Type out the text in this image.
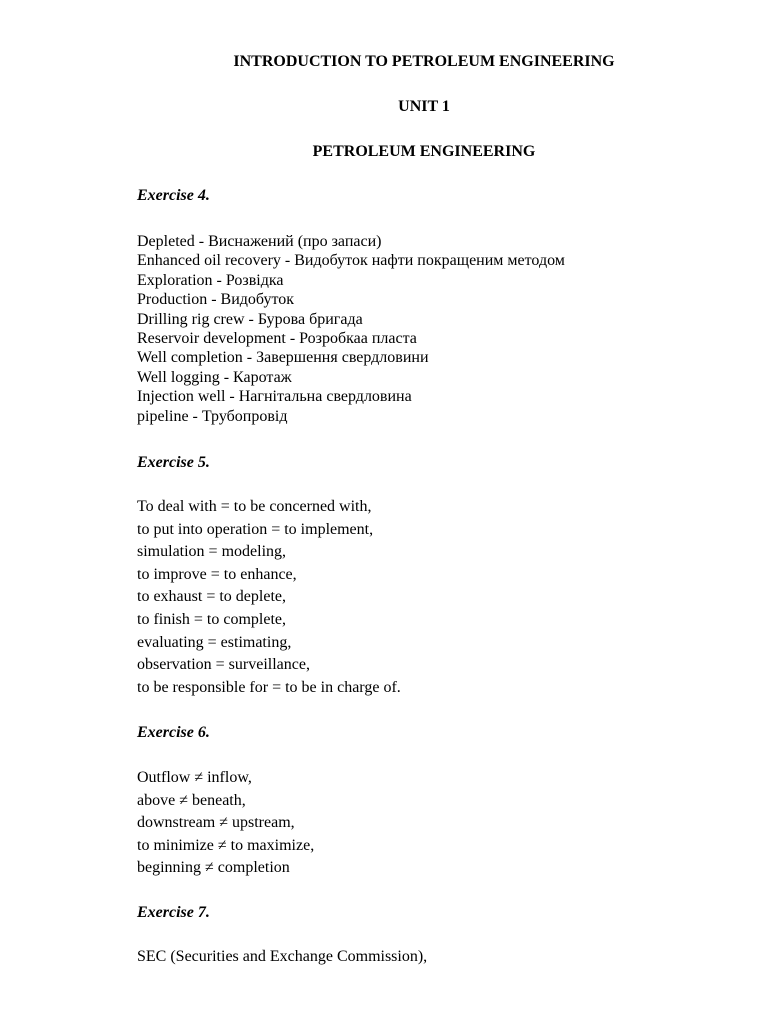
INTRODUCTION TO PETROLEUM ENGINEERING
UNIT 1
PETROLEUM ENGINEERING
Exercise 4.
Depleted - Виснажений (про запаси)
Enhanced oil recovery - Видобуток нафти покращеним методом
Exploration - Розвідка
Production - Видобуток
Drilling rig crew - Бурова бригада
Reservoir development - Розробкаа пласта
Well completion - Завершення свердловини
Well logging - Каротаж
Injection well - Нагнітальна свердловина
pipeline - Трубопровід
Exercise 5.
To deal with = to be concerned with,
to put into operation = to implement,
simulation = modeling,
to improve = to enhance,
to exhaust = to deplete,
to finish = to complete,
evaluating = estimating,
observation = surveillance,
to be responsible for = to be in charge of.
Exercise 6.
Outflow ≠ inflow,
above ≠ beneath,
downstream ≠ upstream,
to minimize ≠ to maximize,
beginning ≠ completion
Exercise 7.
SEC (Securities and Exchange Commission),
